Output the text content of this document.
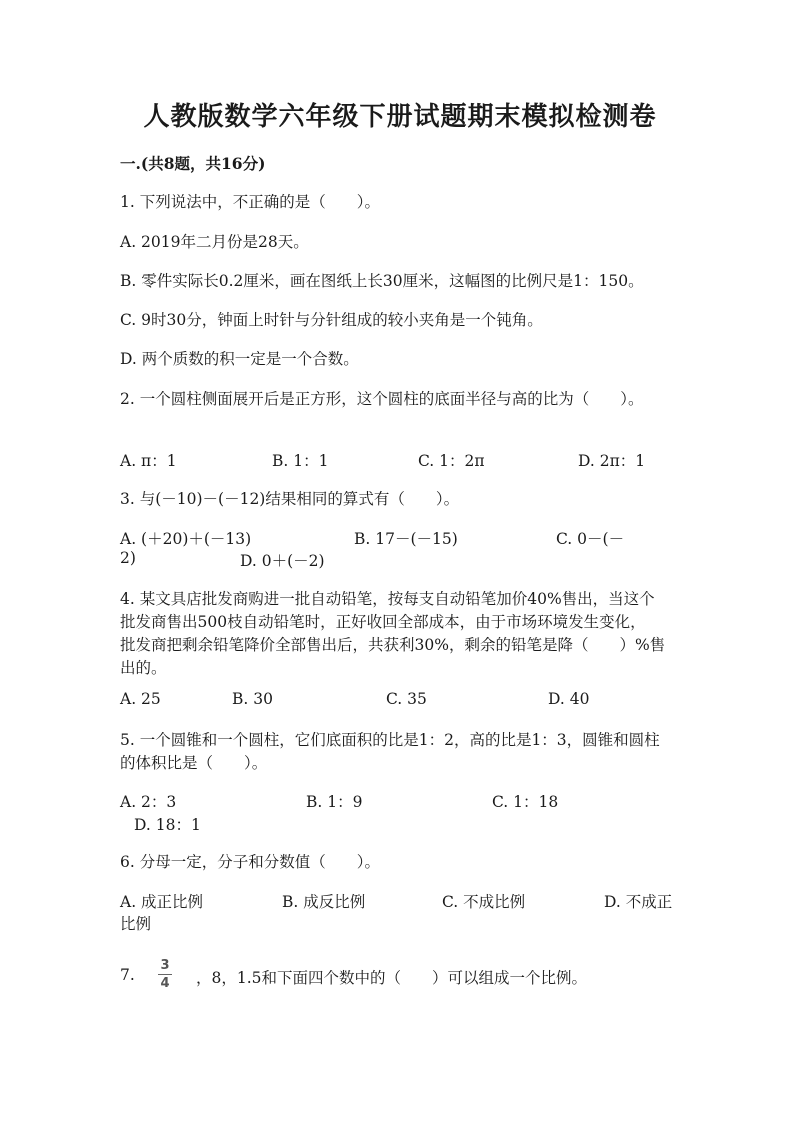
人教版数学六年级下册试题期末模拟检测卷
一.(共8题，共16分)
1. 下列说法中，不正确的是（　　）。
A. 2019年二月份是28天。
B. 零件实际长0.2厘米，画在图纸上长30厘米，这幅图的比例尺是1：150。
C. 9时30分，钟面上时针与分针组成的较小夹角是一个钝角。
D. 两个质数的积一定是一个合数。
2. 一个圆柱侧面展开后是正方形，这个圆柱的底面半径与高的比为（　　）。
A. π：1	B. 1：1	C. 1：2π	D. 2π：1
3. 与(－10)－(－12)结果相同的算式有（　　）。
A. (＋20)＋(－13)	B. 17－(－15)	C. 0－(－
2)	D. 0＋(－2)
4. 某文具店批发商购进一批自动铅笔，按每支自动铅笔加价40%售出，当这个
批发商售出500枝自动铅笔时，正好收回全部成本，由于市场环境发生变化，
批发商把剩余铅笔降价全部售出后，共获利30%，剩余的铅笔是降（　　）%售
出的。
A. 25	B. 30	C. 35	D. 40
5. 一个圆锥和一个圆柱，它们底面积的比是1：2，高的比是1：3，圆锥和圆柱
的体积比是（　　）。
A. 2：3	B. 1：9	C. 1：18
D. 18：1
6. 分母一定，分子和分数值（　　）。
A. 成正比例	B. 成反比例	C. 不成比例	D. 不成正
比例
7.
3
4 ，8，1.5和下面四个数中的（　　）可以组成一个比例。
